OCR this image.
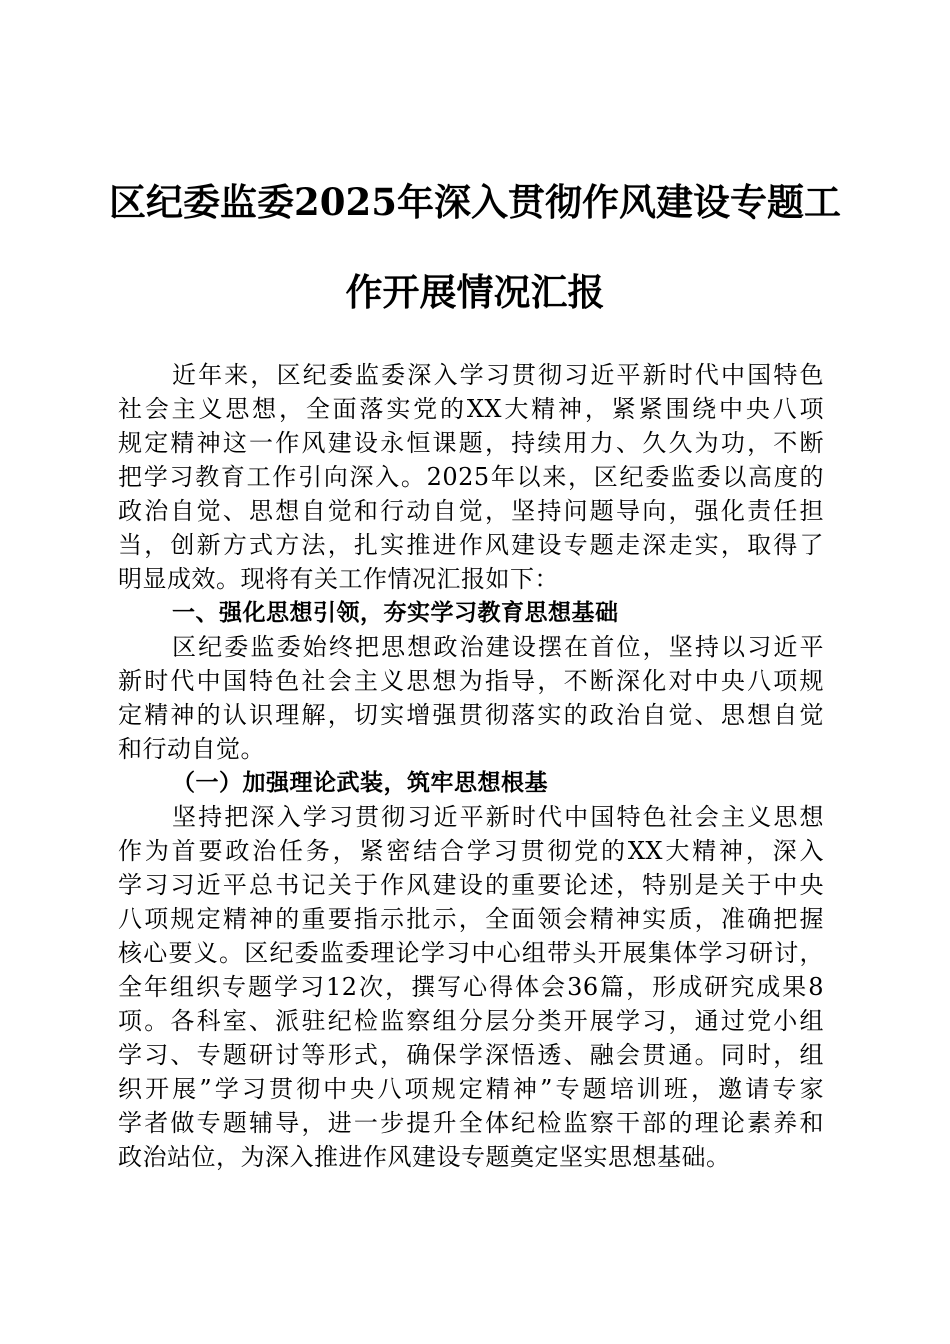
区纪委监委2025年深入贯彻作风建设专题工
作开展情况汇报
近年来，区纪委监委深入学习贯彻习近平新时代中国特色
社会主义思想，全面落实党的XX大精神，紧紧围绕中央八项
规定精神这一作风建设永恒课题，持续用力、久久为功，不断
把学习教育工作引向深入。2025年以来，区纪委监委以高度的
政治自觉、思想自觉和行动自觉，坚持问题导向，强化责任担
当，创新方式方法，扎实推进作风建设专题走深走实，取得了
明显成效。现将有关工作情况汇报如下：
一、强化思想引领，夯实学习教育思想基础
区纪委监委始终把思想政治建设摆在首位，坚持以习近平
新时代中国特色社会主义思想为指导，不断深化对中央八项规
定精神的认识理解，切实增强贯彻落实的政治自觉、思想自觉
和行动自觉。
（一）加强理论武装，筑牢思想根基
坚持把深入学习贯彻习近平新时代中国特色社会主义思想
作为首要政治任务，紧密结合学习贯彻党的XX大精神，深入
学习习近平总书记关于作风建设的重要论述，特别是关于中央
八项规定精神的重要指示批示，全面领会精神实质，准确把握
核心要义。区纪委监委理论学习中心组带头开展集体学习研讨，
全年组织专题学习12次，撰写心得体会36篇，形成研究成果8
项。各科室、派驻纪检监察组分层分类开展学习，通过党小组
学习、专题研讨等形式，确保学深悟透、融会贯通。同时，组
织开展”学习贯彻中央八项规定精神”专题培训班，邀请专家
学者做专题辅导，进一步提升全体纪检监察干部的理论素养和
政治站位，为深入推进作风建设专题奠定坚实思想基础。
